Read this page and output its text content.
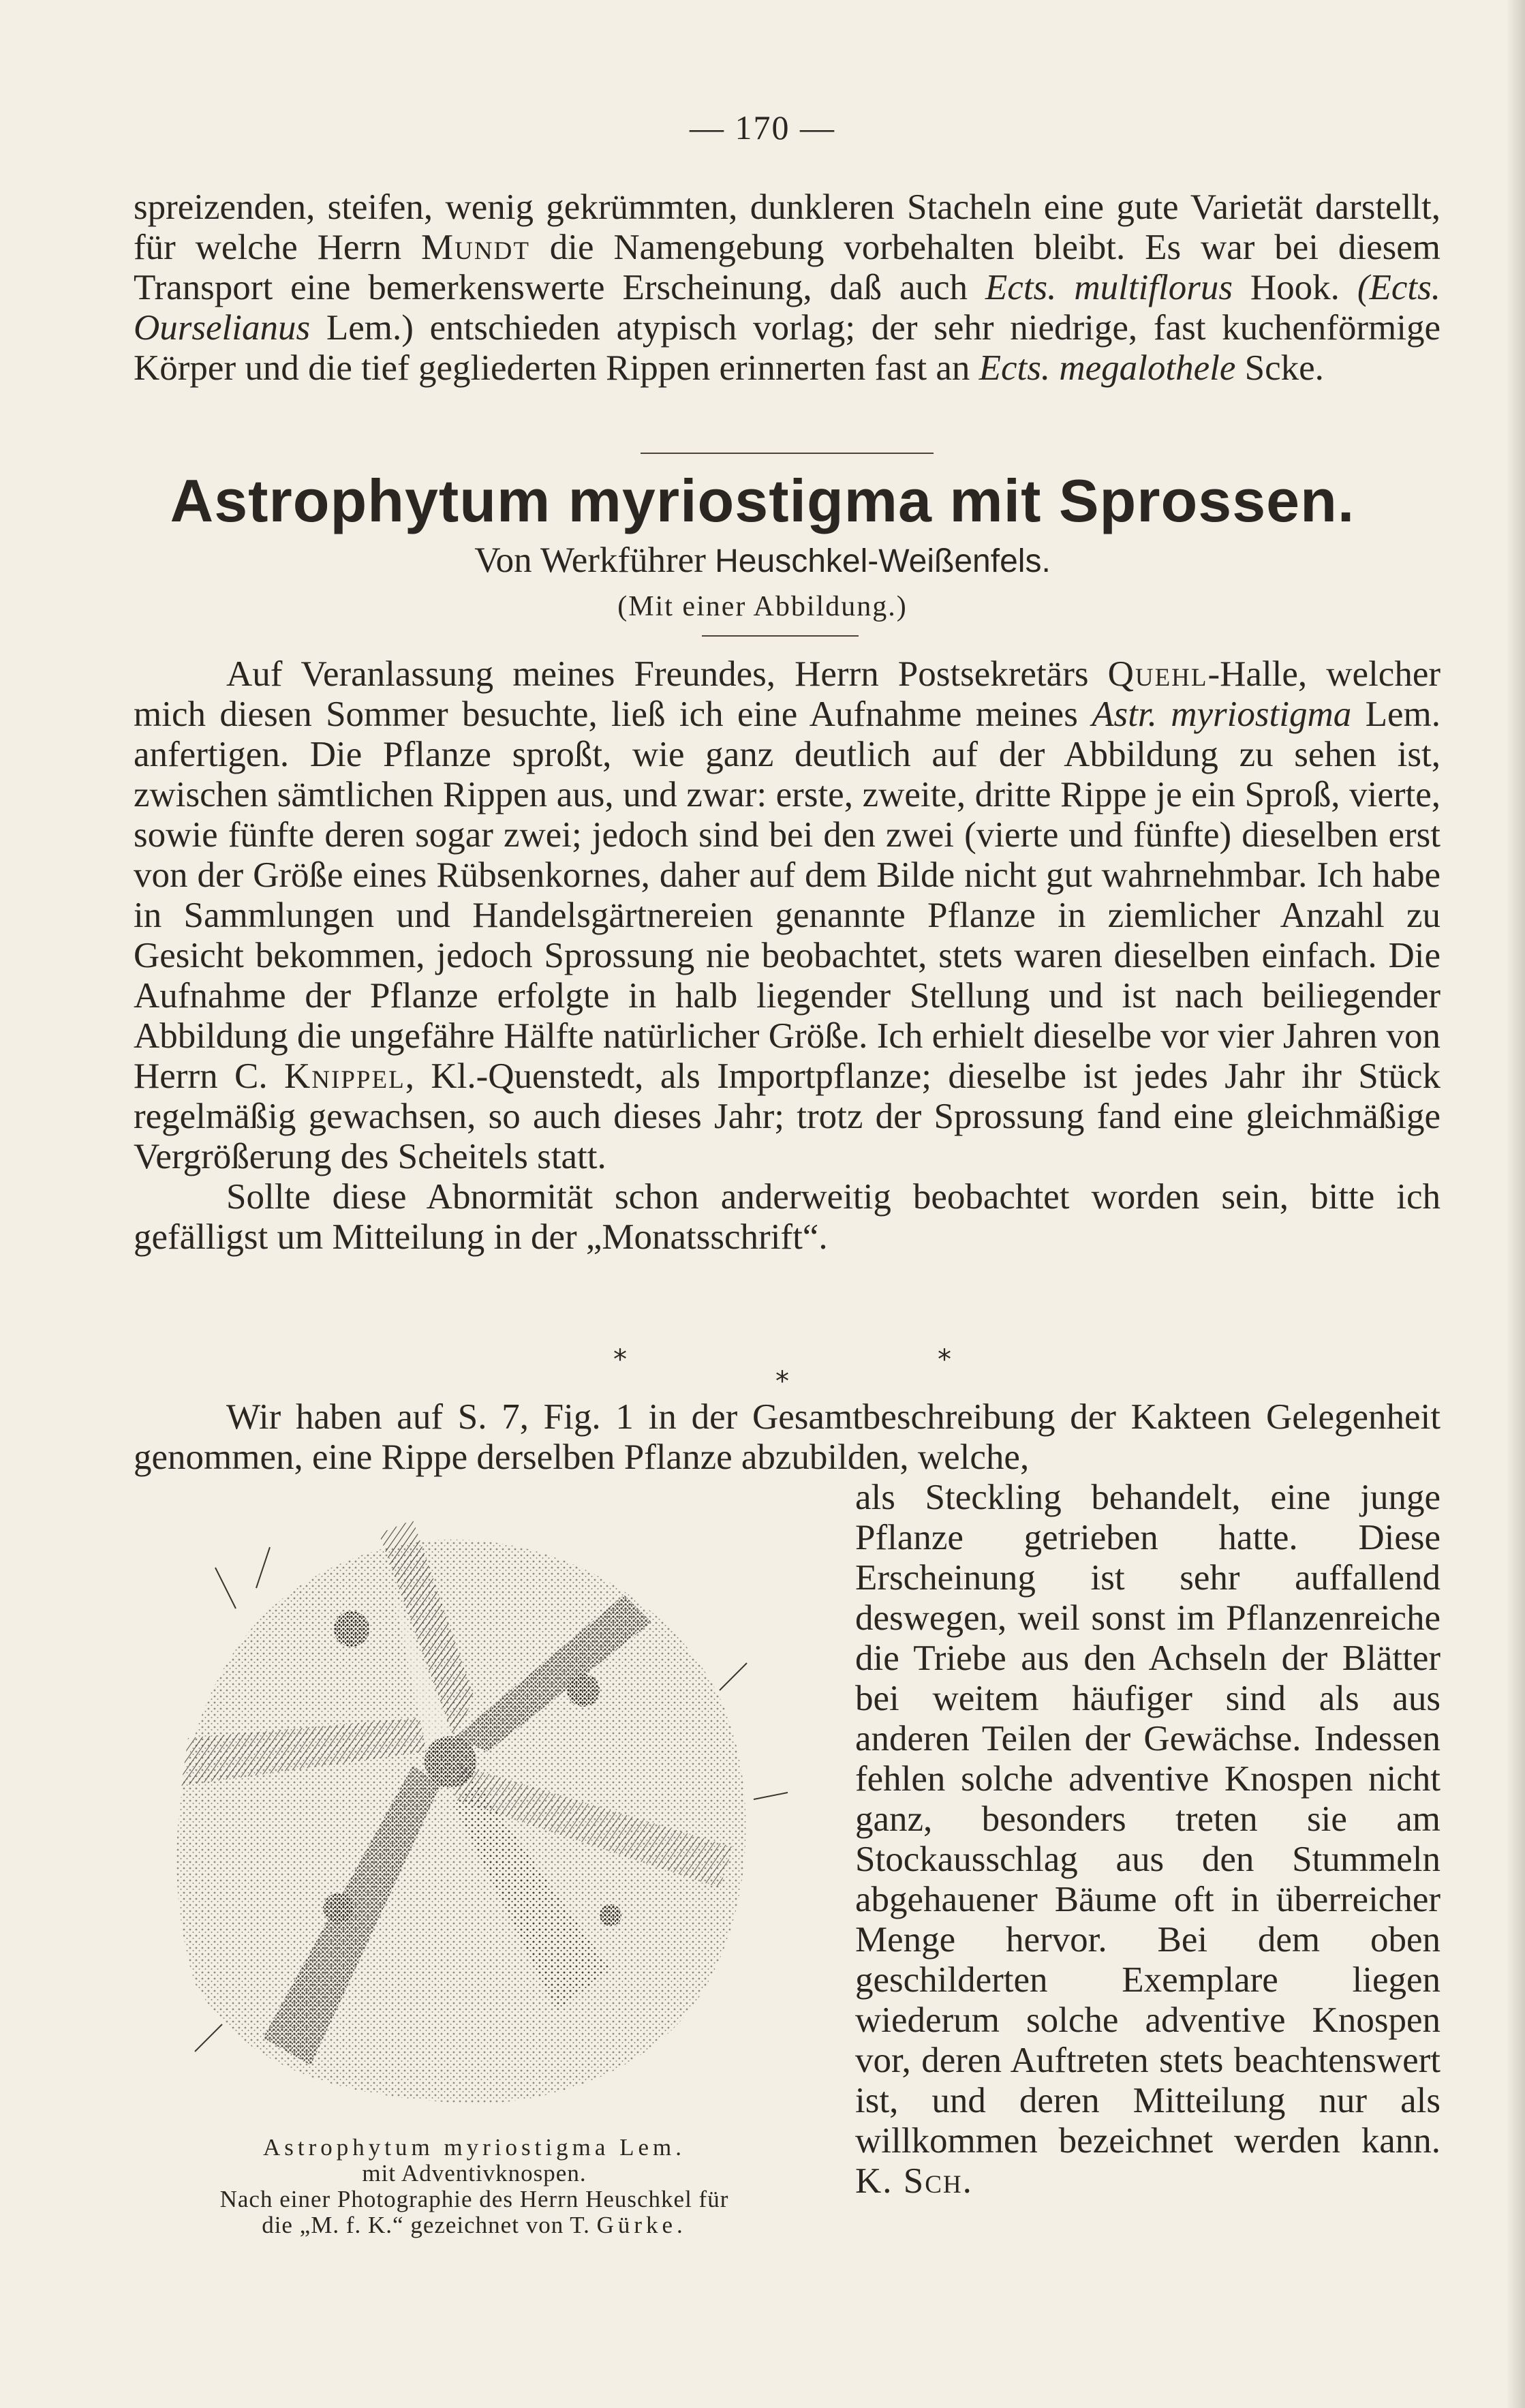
— 170 —

spreizenden, steifen, wenig gekrümmten, dunkleren Stacheln eine gute Varietät darstellt, für welche Herrn Mundt die Namengebung vorbehalten bleibt. Es war bei diesem Transport eine bemerkenswerte Erscheinung, daß auch Ects. multiflorus Hook. (Ects. Ourselianus Lem.) entschieden atypisch vorlag; der sehr niedrige, fast kuchenförmige Körper und die tief gegliederten Rippen erinnerten fast an Ects. megalothele Scke.

Astrophytum myriostigma mit Sprossen.
Von Werkführer Heuschkel-Weißenfels.
(Mit einer Abbildung.)

Auf Veranlassung meines Freundes, Herrn Postsekretärs Quehl-Halle, welcher mich diesen Sommer besuchte, ließ ich eine Aufnahme meines Astr. myriostigma Lem. anfertigen. Die Pflanze sproßt, wie ganz deutlich auf der Abbildung zu sehen ist, zwischen sämtlichen Rippen aus, und zwar: erste, zweite, dritte Rippe je ein Sproß, vierte, sowie fünfte deren sogar zwei; jedoch sind bei den zwei (vierte und fünfte) dieselben erst von der Größe eines Rübsenkornes, daher auf dem Bilde nicht gut wahrnehmbar. Ich habe in Sammlungen und Handelsgärtnereien genannte Pflanze in ziemlicher Anzahl zu Gesicht bekommen, jedoch Sprossung nie beobachtet, stets waren dieselben einfach. Die Aufnahme der Pflanze erfolgte in halb liegender Stellung und ist nach beiliegender Abbildung die ungefähre Hälfte natürlicher Größe. Ich erhielt dieselbe vor vier Jahren von Herrn C. Knippel, Kl.-Quenstedt, als Importpflanze; dieselbe ist jedes Jahr ihr Stück regelmäßig gewachsen, so auch dieses Jahr; trotz der Sprossung fand eine gleichmäßige Vergrößerung des Scheitels statt.

Sollte diese Abnormität schon anderweitig beobachtet worden sein, bitte ich gefälligst um Mitteilung in der „Monatsschrift“.

*	*
*

Wir haben auf S. 7, Fig. 1 in der Gesamtbeschreibung der Kakteen Gelegenheit genommen, eine Rippe derselben Pflanze abzubilden, welche,

Astrophytum myriostigma Lem.

mit Adventivknospen.

Nach einer Photographie des Herrn Heuschkel für

die „M. f. K.“ gezeichnet von T. Gürke.

als Steckling behandelt, eine junge Pflanze getrieben hatte. Diese Erscheinung ist sehr auffallend deswegen, weil sonst im Pflanzenreiche die Triebe aus den Achseln der Blätter bei weitem häufiger sind als aus anderen Teilen der Gewächse. Indessen fehlen solche adventive Knospen nicht ganz, besonders treten sie am Stockausschlag aus den Stummeln abgehauener Bäume oft in überreicher Menge hervor. Bei dem oben geschilderten Exemplare liegen wiederum solche adventive Knospen vor, deren Auftreten stets beachtenswert ist, und deren Mitteilung nur als willkommen bezeichnet werden kann. K. Sch.
